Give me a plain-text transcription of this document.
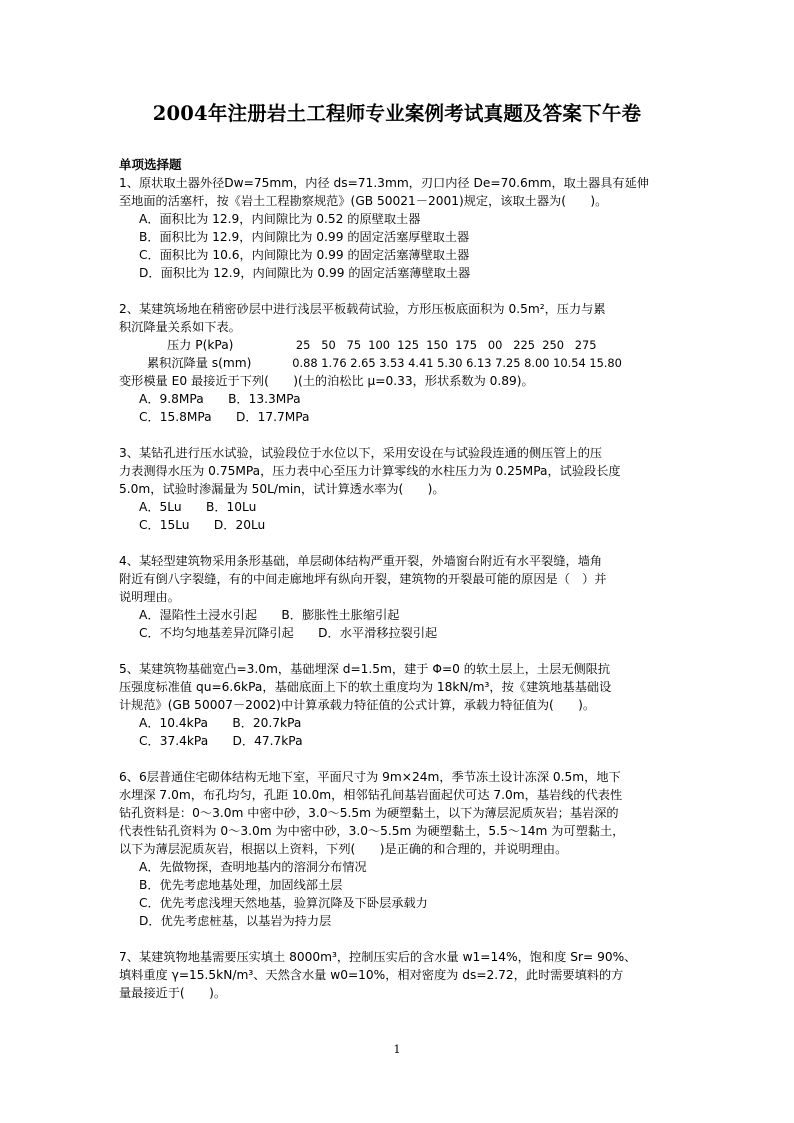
2004年注册岩土工程师专业案例考试真题及答案下午卷
单项选择题
1、原状取土器外径Dw=75mm，内径 ds=71.3mm，刃口内径 De=70.6mm，取土器具有延伸
至地面的活塞杆，按《岩土工程勘察规范》(GB 50021－2001)规定，该取土器为(　　)。
A．面积比为 12.9，内间隙比为 0.52 的原壁取土器
B．面积比为 12.9，内间隙比为 0.99 的固定活塞厚壁取土器
C．面积比为 10.6，内间隙比为 0.99 的固定活塞薄壁取土器
D．面积比为 12.9，内间隙比为 0.99 的固定活塞薄壁取土器
2、某建筑场地在稍密砂层中进行浅层平板载荷试验，方形压板底面积为 0.5m²，压力与累
积沉降量关系如下表。
压力 P(kPa)	25   50   75  100  125  150  175   00   225  250   275
累积沉降量 s(mm)	0.88 1.76 2.65 3.53 4.41 5.30 6.13 7.25 8.00 10.54 15.80
变形模量 E0 最接近于下列(　　)(土的泊松比 μ=0.33，形状系数为 0.89)。
A．9.8MPa　　B．13.3MPa
C．15.8MPa　　D．17.7MPa
3、某钻孔进行压水试验，试验段位于水位以下，采用安设在与试验段连通的侧压管上的压
力表测得水压为 0.75MPa，压力表中心至压力计算零线的水柱压力为 0.25MPa，试验段长度
5.0m，试验时渗漏量为 50L/min，试计算透水率为(　　)。
A．5Lu　　B．10Lu
C．15Lu　　D．20Lu
4、某轻型建筑物采用条形基础，单层砌体结构严重开裂，外墙窗台附近有水平裂缝，墙角
附近有倒八字裂缝，有的中间走廊地坪有纵向开裂，建筑物的开裂最可能的原因是（　）并
说明理由。
A．湿陷性土浸水引起　　B．膨胀性土胀缩引起
C．不均匀地基差异沉降引起　　D．水平滑移拉裂引起
5、某建筑物基础宽凸=3.0m，基础埋深 d=1.5m，建于 Φ=0 的软土层上，土层无侧限抗
压强度标准值 qu=6.6kPa，基础底面上下的软土重度均为 18kN/m³，按《建筑地基基础设
计规范》(GB 50007－2002)中计算承载力特征值的公式计算，承载力特征值为(　　)。
A．10.4kPa　　B．20.7kPa
C．37.4kPa　　D．47.7kPa
6、6层普通住宅砌体结构无地下室，平面尺寸为 9m×24m，季节冻土设计冻深 0.5m，地下
水埋深 7.0m，布孔均匀，孔距 10.0m，相邻钻孔间基岩面起伏可达 7.0m，基岩线的代表性
钻孔资料是：0～3.0m 中密中砂，3.0～5.5m 为硬塑黏土，以下为薄层泥质灰岩；基岩深的
代表性钻孔资料为 0～3.0m 为中密中砂，3.0～5.5m 为硬塑黏土，5.5～14m 为可塑黏土，
以下为薄层泥质灰岩，根据以上资料，下列(　　)是正确的和合理的，并说明理由。
A．先做物探，查明地基内的溶洞分布情况
B．优先考虑地基处理，加固线部土层
C．优先考虑浅埋天然地基，验算沉降及下卧层承载力
D．优先考虑桩基，以基岩为持力层
7、某建筑物地基需要压实填土 8000m³，控制压实后的含水量 w1=14%，饱和度 Sr= 90%、
填料重度 γ=15.5kN/m³、天然含水量 w0=10%，相对密度为 ds=2.72，此时需要填料的方
量最接近于(　　)。
1
